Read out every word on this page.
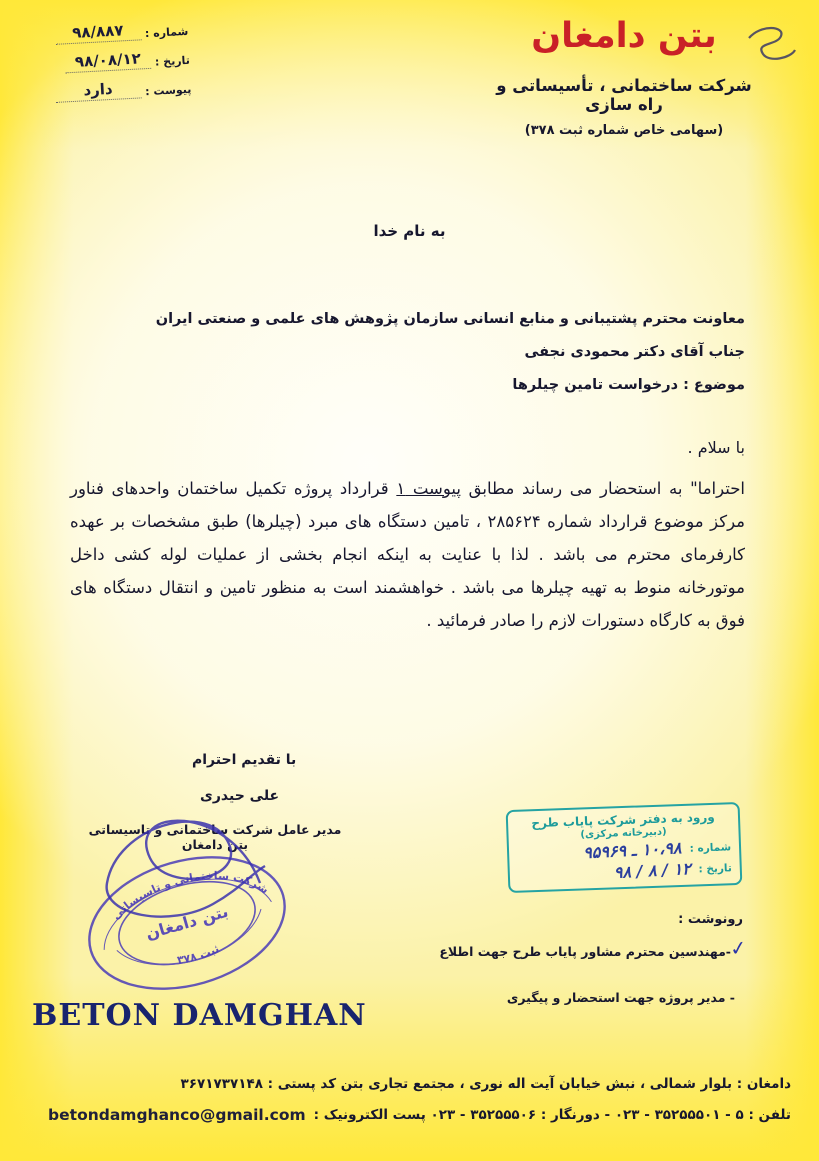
شماره :
۹۸/۸۸۷
تاریخ :
۹۸/۰۸/۱۲
پیوست :
دارد
بتن دامغان
شرکت ساختمانی ، تأسیساتی و راه سازی
(سهامی خاص شماره ثبت ۳۷۸)
به نام خدا
معاونت محترم پشتیبانی و منابع انسانی سازمان پژوهش های علمی و صنعتی ایران
جناب آقای دکتر محمودی نجفی
موضوع : درخواست تامین چیلرها
با سلام .

احتراما" به استحضار می رساند مطابق پیوست ۱ قرارداد پروژه تکمیل ساختمان واحدهای فناور مرکز موضوع قرارداد شماره ۲۸۵۶۲۴ ، تامین دستگاه های مبرد (چیلرها) طبق مشخصات بر عهده کارفرمای محترم می باشد . لذا با عنایت به اینکه انجام بخشی از عملیات لوله کشی داخل موتورخانه منوط به تهیه چیلرها می باشد . خواهشمند است به منظور تامین و انتقال دستگاه های فوق به کارگاه دستورات لازم را صادر فرمائید .

با تقدیم احترام
علی حیدری
مدیر عامل شرکت ساختمانی و تاسیساتی بتن دامغان
شرکت ساختمانی و تاسیساتی
بتن دامغان
ثبت ۳۷۸
ورود به دفتر شرکت پایاب طرح
(دبیرخانه مرکزی)
شماره :
۱۰،۹۸ ـ ۹۵۹۶۹
تاریخ :
۱۲ / ۸ / ۹۸
رونوشت :
✓
-مهندسین محترم مشاور پایاب طرح جهت اطلاع
- مدیر پروژه جهت استحضار و پیگیری
BETON DAMGHAN
دامغان : بلوار شمالی ، نبش خیابان آیت اله نوری ، مجتمع تجاری بتن کد پستی : ۳۶۷۱۷۳۷۱۴۸
تلفن : ۵ - ۳۵۲۵۵۵۰۱ - ۰۲۳ - دورنگار : ۳۵۲۵۵۵۰۶ - ۰۲۳ پست الکترونیک :
betondamghanco@gmail.com
